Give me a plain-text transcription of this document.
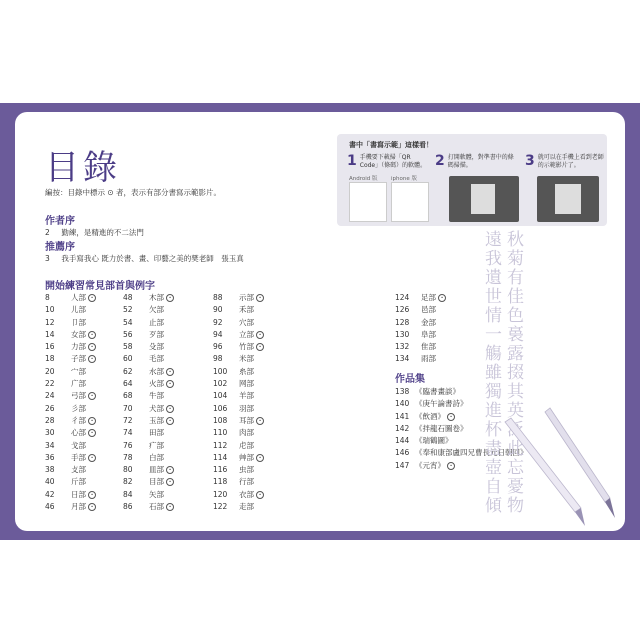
目錄
編按：目錄中標示 ⊙ 者，表示有部分書寫示範影片。
作者序
2 勤練，是精進的不二法門
推薦序
3 我手寫我心 既力於書、畫、印藝之美的樊老師　張玉真
開始練習常見部首與例字
8	人部 •
10 儿部
12 卩部
14 女部 •
16 力部 •
18 子部 •
20 宀部
22 广部
24 弓部 •
26 彡部
28 彳部 •
30 心部 •
34 戈部
36 手部 •
38 攴部
40 斤部
42 日部 •
46 月部 •
48 木部 •
52 欠部
54 止部
56 歹部
58 殳部
60 毛部
62 水部 •
64 火部 •
68 牛部
70 犬部 •
72 玉部 •
74 田部
76 疒部
78 白部
80 皿部 •
82 目部 •
84 矢部
86 石部 •
88 示部 •
90 禾部
92 穴部
94 立部 •
96 竹部 •
98 米部
100 糸部
102 网部
104 羊部
106 羽部
108 耳部 •
110 肉部
112 虍部
114 艸部 •
116 虫部
118 行部
120 衣部 •
122 走部
124 足部 •
126 邑部
128 金部
130 阜部
132 隹部
134 雨部
作品集
138 《臨書畫談》
140 《庚午論書詩》
141 《飲酒》 •
142 《拌龍石圖卷》
144 《瑞鶴圖》
146 《奉和康部盧四兄曹長元日朝回》
147 《元宵》 •
書中「書寫示範」這樣看！
1 手機要下載掃「QR Code」（條碼）的軟體。
Android 版 iphone 版
2 打開軟體，對準書中的條碼掃描。	3 就可以在手機上看到老師的示範影片了。
秋菊有佳色裛露掇其英泛此忘憂物遠我遺世情一觴雖獨進杯盡壺自傾
